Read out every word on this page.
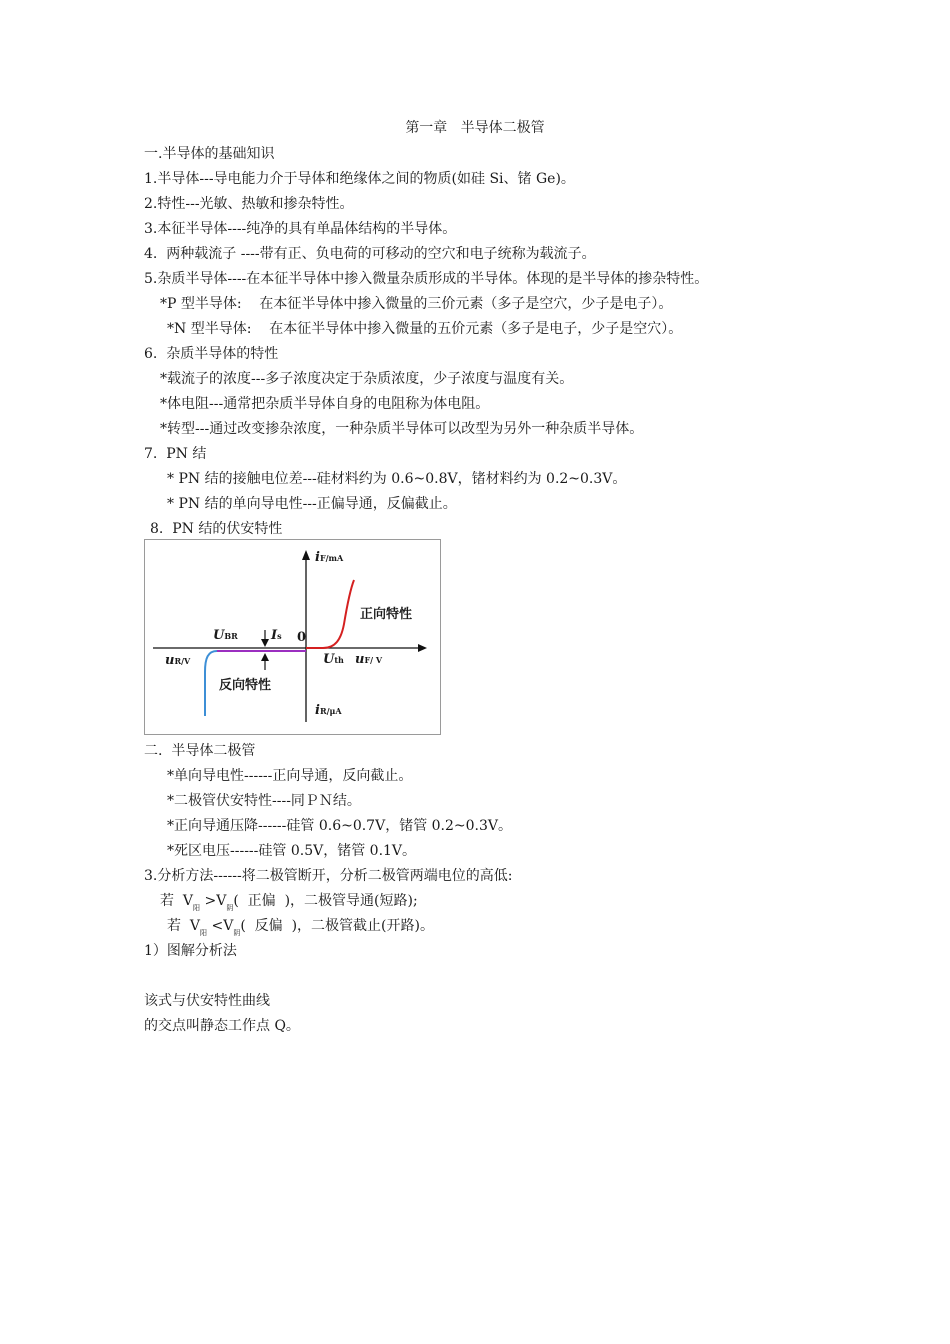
第一章   半导体二极管
一.半导体的基础知识
1.半导体---导电能力介于导体和绝缘体之间的物质(如硅 Si、锗 Ge)。
2.特性---光敏、热敏和掺杂特性。
3.本征半导体----纯净的具有单晶体结构的半导体。
4.  两种载流子 ----带有正、负电荷的可移动的空穴和电子统称为载流子。
5.杂质半导体----在本征半导体中掺入微量杂质形成的半导体。体现的是半导体的掺杂特性。
*P 型半导体:    在本征半导体中掺入微量的三价元素（多子是空穴，少子是电子）。
*N 型半导体:    在本征半导体中掺入微量的五价元素（多子是电子，少子是空穴）。
6.  杂质半导体的特性
*载流子的浓度---多子浓度决定于杂质浓度，少子浓度与温度有关。
*体电阻---通常把杂质半导体自身的电阻称为体电阻。
*转型---通过改变掺杂浓度，一种杂质半导体可以改型为另外一种杂质半导体。
7.  PN 结
* PN 结的接触电位差---硅材料约为 0.6~0.8V，锗材料约为 0.2~0.3V。
* PN 结的单向导电性---正偏导通，反偏截止。
8.  PN 结的伏安特性
iF/mA
正向特性
UBR	Is 0
uR/V	Uth uF/ V
反向特性
iR/μA
二.  半导体二极管
*单向导电性------正向导通，反向截止。
*二极管伏安特性----同ＰＮ结。
*正向导通压降------硅管 0.6~0.7V，锗管 0.2~0.3V。
*死区电压------硅管 0.5V，锗管 0.1V。
3.分析方法------将二极管断开，分析二极管两端电位的高低:
若  $V_阳 >V_阴$(  正偏  )，二极管导通(短路);
若  $V_阳 <V_阴$(  反偏  )，二极管截止(开路)。
1）图解分析法
该式与伏安特性曲线
的交点叫静态工作点 Q。
